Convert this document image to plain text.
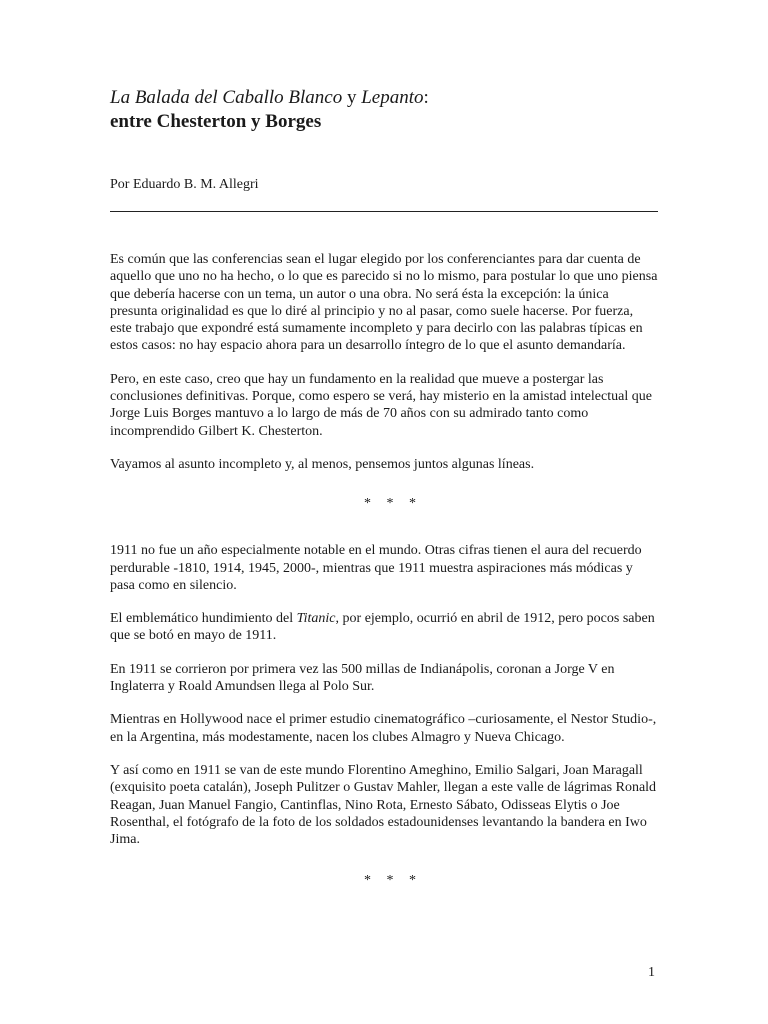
La Balada del Caballo Blanco y Lepanto:
entre Chesterton y Borges

Por Eduardo B. M. Allegri

Es común que las conferencias sean el lugar elegido por los conferenciantes para dar cuenta de aquello que uno no ha hecho, o lo que es parecido si no lo mismo, para postular lo que uno piensa que debería hacerse con un tema, un autor o una obra. No será ésta la excepción: la única presunta originalidad es que lo diré al principio y no al pasar, como suele hacerse. Por fuerza, este trabajo que expondré está sumamente incompleto y para decirlo con las palabras típicas en estos casos: no hay espacio ahora para un desarrollo íntegro de lo que el asunto demandaría.

Pero, en este caso, creo que hay un fundamento en la realidad que mueve a postergar las conclusiones definitivas. Porque, como espero se verá, hay misterio en la amistad intelectual que Jorge Luis Borges mantuvo a lo largo de más de 70 años con su admirado tanto como incomprendido Gilbert K. Chesterton.

Vayamos al asunto incompleto y, al menos, pensemos juntos algunas líneas.

* * *

1911 no fue un año especialmente notable en el mundo. Otras cifras tienen el aura del recuerdo perdurable -1810, 1914, 1945, 2000-, mientras que 1911 muestra aspiraciones más módicas y pasa como en silencio.

El emblemático hundimiento del Titanic, por ejemplo, ocurrió en abril de 1912, pero pocos saben que se botó en mayo de 1911.

En 1911 se corrieron por primera vez las 500 millas de Indianápolis, coronan a Jorge V en Inglaterra y Roald Amundsen llega al Polo Sur.

Mientras en Hollywood nace el primer estudio cinematográfico –curiosamente, el Nestor Studio-, en la Argentina, más modestamente, nacen los clubes Almagro y Nueva Chicago.

Y así como en 1911 se van de este mundo Florentino Ameghino, Emilio Salgari, Joan Maragall (exquisito poeta catalán), Joseph Pulitzer o Gustav Mahler, llegan a este valle de lágrimas Ronald Reagan, Juan Manuel Fangio, Cantinflas, Nino Rota, Ernesto Sábato, Odisseas Elytis o Joe Rosenthal, el fotógrafo de la foto de los soldados estadounidenses levantando la bandera en Iwo Jima.

* * *
1
